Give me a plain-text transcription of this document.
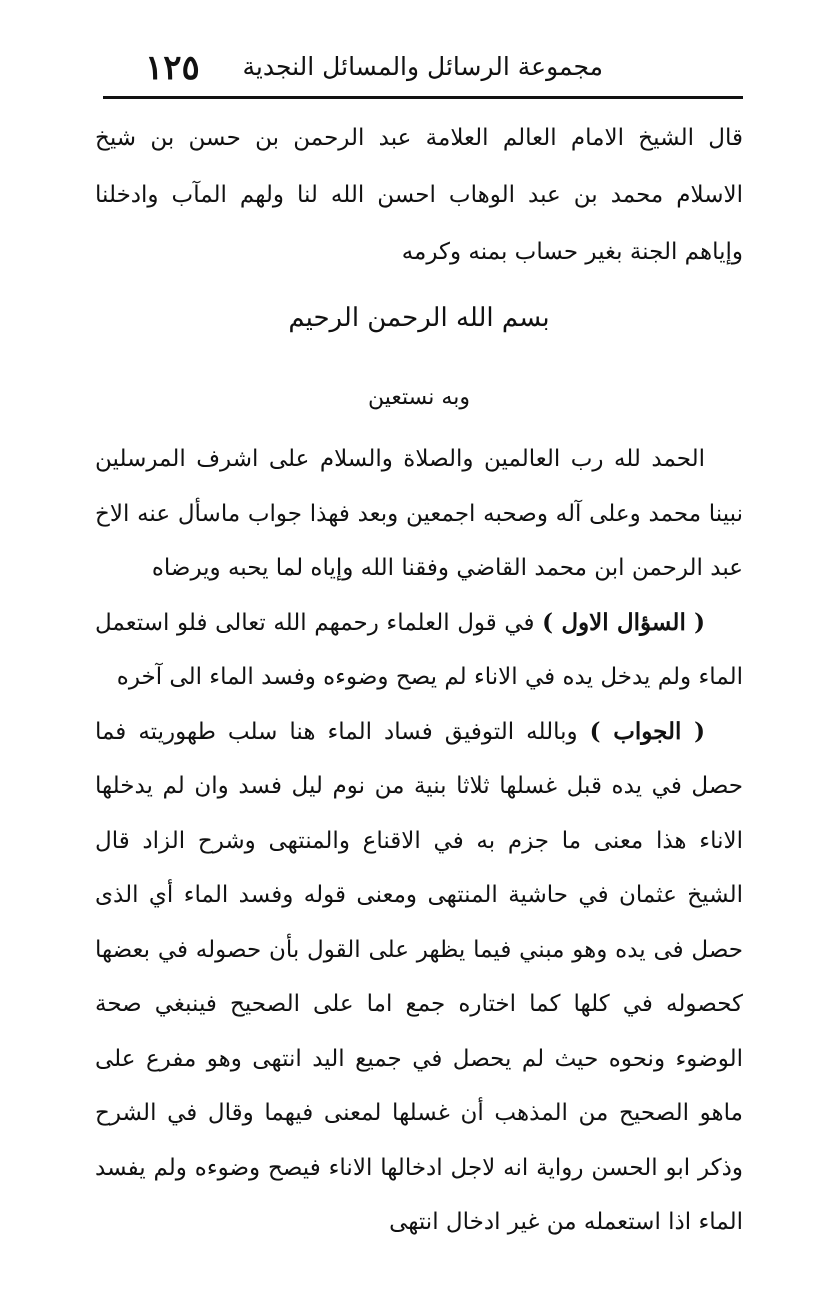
١٢٥ مجموعة الرسائل والمسائل النجدية

قال الشيخ الامام العالم العلامة عبد الرحمن بن حسن بن شيخ الاسلام محمد بن عبد الوهاب احسن الله لنا ولهم المآب وادخلنا وإياهم الجنة بغير حساب بمنه وكرمه

بسم الله الرحمن الرحيم
وبه نستعين

الحمد لله رب العالمين والصلاة والسلام على اشرف المرسلين نبينا محمد وعلى آله وصحبه اجمعين وبعد فهذا جواب ماسأل عنه الاخ عبد الرحمن ابن محمد القاضي وفقنا الله وإياه لما يحبه ويرضاه

( السؤال الاول ) في قول العلماء رحمهم الله تعالى فلو استعمل الماء ولم يدخل يده في الاناء لم يصح وضوءه وفسد الماء الى آخره

( الجواب ) وبالله التوفيق فساد الماء هنا سلب طهوريته فما حصل في يده قبل غسلها ثلاثا بنية من نوم ليل فسد وان لم يدخلها الاناء هذا معنى ما جزم به في الاقناع والمنتهى وشرح الزاد قال الشيخ عثمان في حاشية المنتهى ومعنى قوله وفسد الماء أي الذى حصل فى يده وهو مبني فيما يظهر على القول بأن حصوله في بعضها كحصوله في كلها كما اختاره جمع اما على الصحيح فينبغي صحة الوضوء ونحوه حيث لم يحصل في جميع اليد انتهى وهو مفرع على ماهو الصحيح من المذهب أن غسلها لمعنى فيهما وقال في الشرح وذكر ابو الحسن رواية انه لاجل ادخالها الاناء فيصح وضوءه ولم يفسد الماء اذا استعمله من غير ادخال انتهى
